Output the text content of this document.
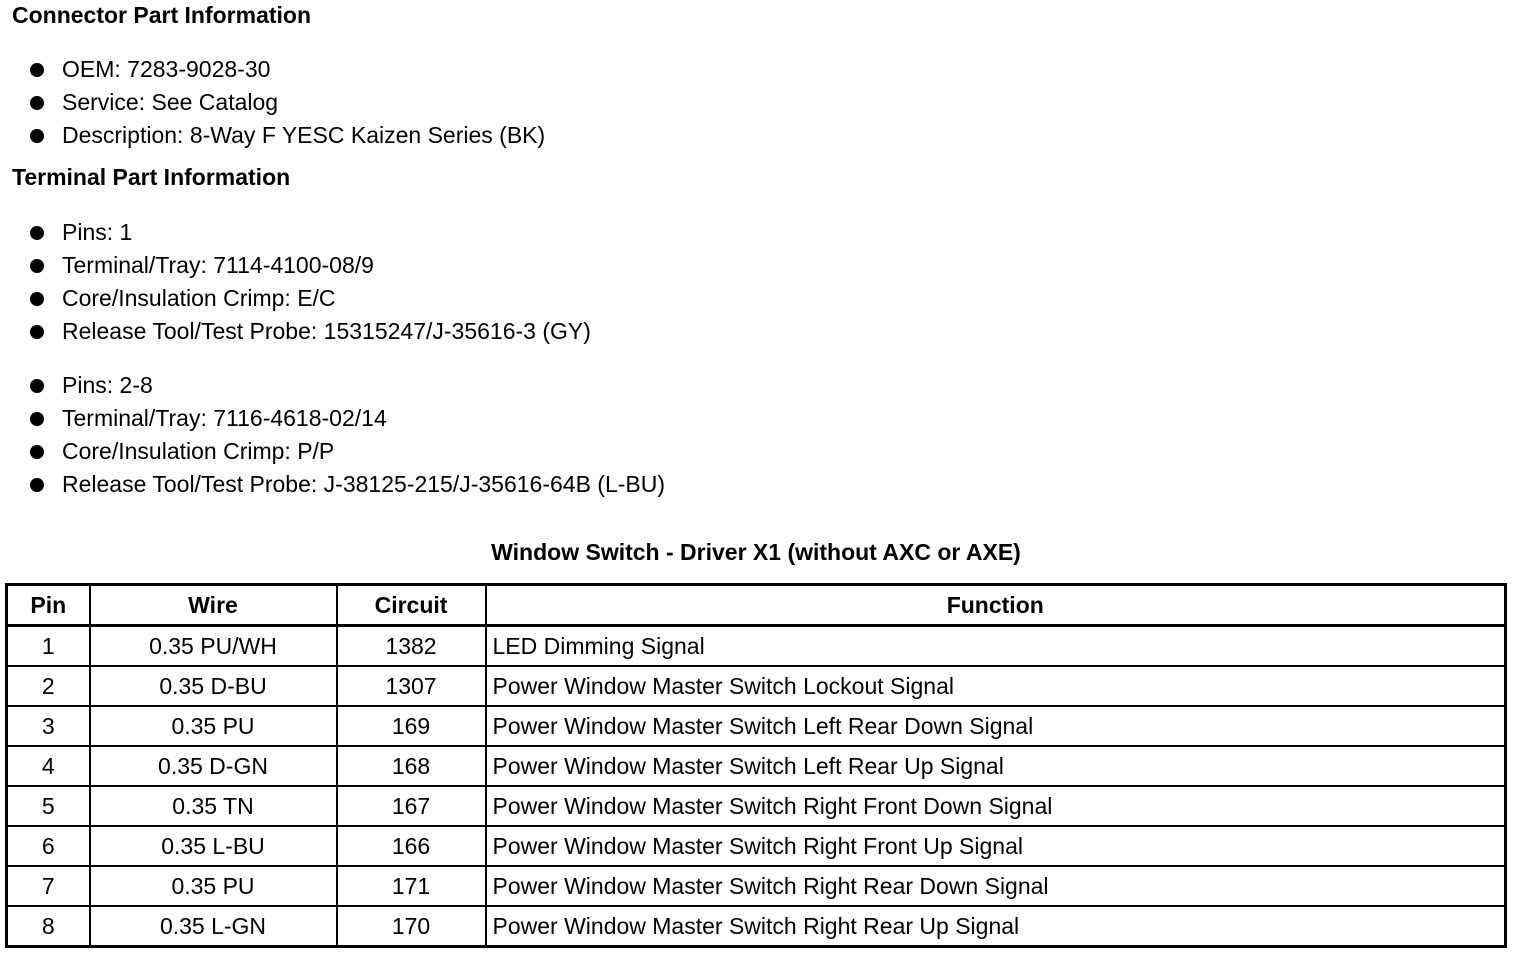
Connector Part Information
OEM: 7283-9028-30
Service: See Catalog
Description: 8-Way F YESC Kaizen Series (BK)
Terminal Part Information
Pins: 1
Terminal/Tray: 7114-4100-08/9
Core/Insulation Crimp: E/C
Release Tool/Test Probe: 15315247/J-35616-3 (GY)
Pins: 2-8
Terminal/Tray: 7116-4618-02/14
Core/Insulation Crimp: P/P
Release Tool/Test Probe: J-38125-215/J-35616-64B (L-BU)
Window Switch - Driver X1 (without AXC or AXE)
Pin	Wire	Circuit	Function
1	0.35 PU/WH	1382	LED Dimming Signal
2	0.35 D-BU	1307	Power Window Master Switch Lockout Signal
3	0.35 PU	169	Power Window Master Switch Left Rear Down Signal
4	0.35 D-GN	168	Power Window Master Switch Left Rear Up Signal
5	0.35 TN	167	Power Window Master Switch Right Front Down Signal
6	0.35 L-BU	166	Power Window Master Switch Right Front Up Signal
7	0.35 PU	171	Power Window Master Switch Right Rear Down Signal
8	0.35 L-GN	170	Power Window Master Switch Right Rear Up Signal
